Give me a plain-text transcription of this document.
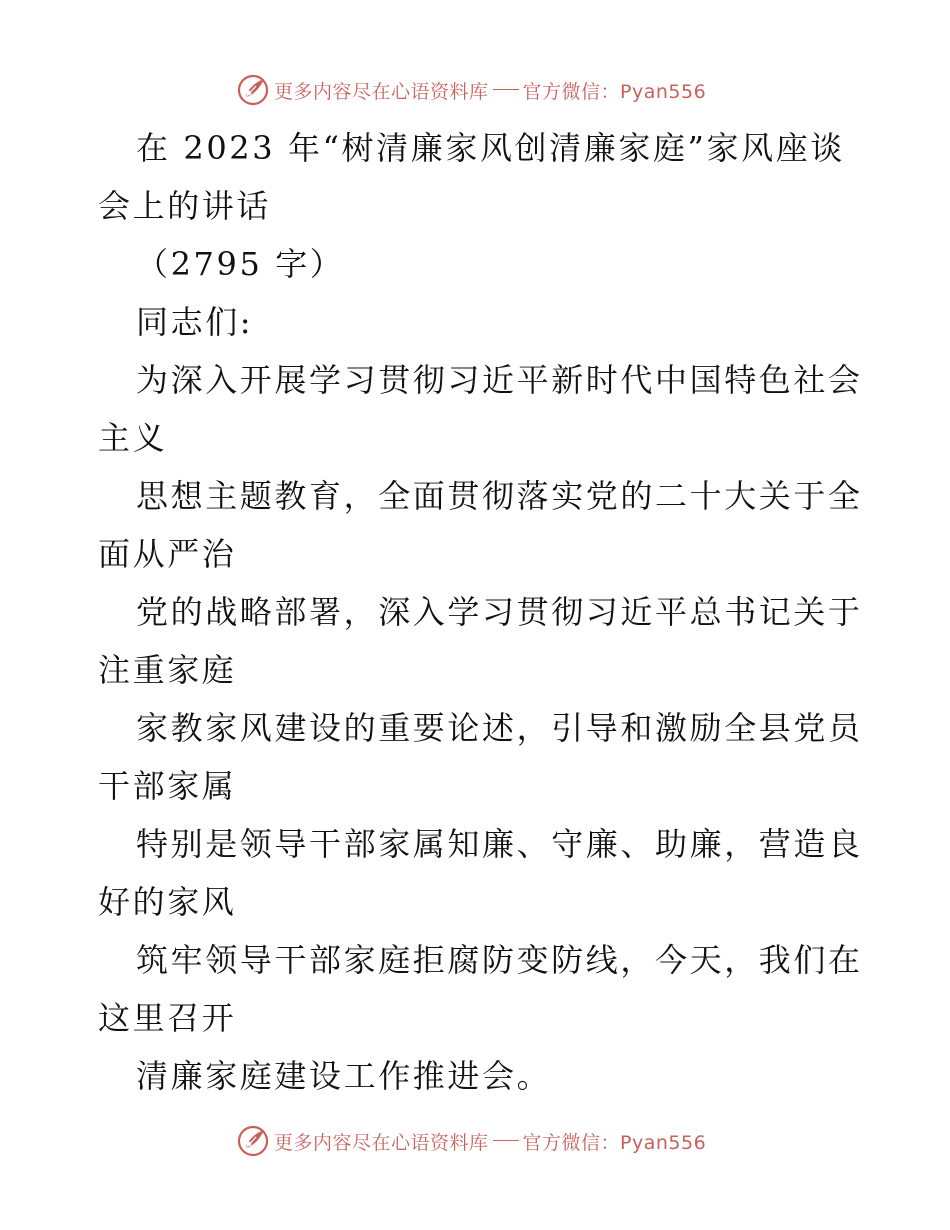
更多内容尽在心语资料库 官方微信：Pyan556
在 2023 年“树清廉家风创清廉家庭”家风座谈
会上的讲话
（2795 字）
同志们:
为深入开展学习贯彻习近平新时代中国特色社会
主义
思想主题教育，全面贯彻落实党的二十大关于全
面从严治
党的战略部署，深入学习贯彻习近平总书记关于
注重家庭
家教家风建设的重要论述，引导和激励全县党员
干部家属
特别是领导干部家属知廉、守廉、助廉，营造良
好的家风
筑牢领导干部家庭拒腐防变防线，今天，我们在
这里召开
清廉家庭建设工作推进会。
更多内容尽在心语资料库 官方微信：Pyan556
